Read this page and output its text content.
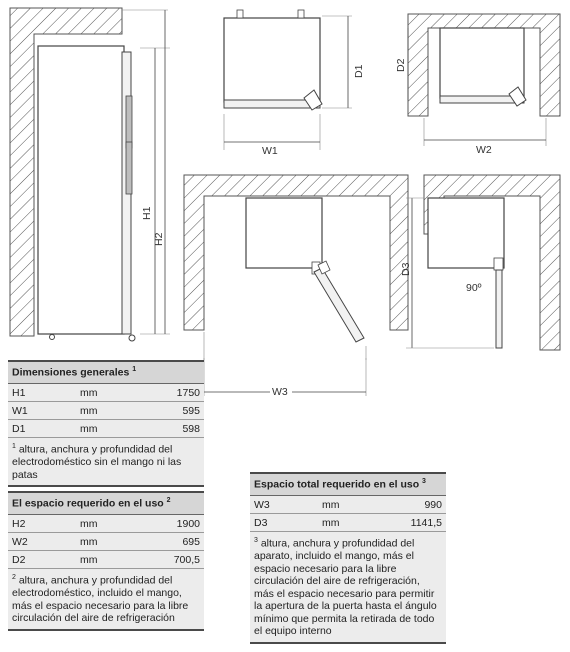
H1
H2
W1
D1	D2
W2
D3
90º
W3
Dimensiones generales $^1$
H1	mm	1750
W1	mm	595
D1	mm	598
$^1$ altura, anchura y profundidad del electrodoméstico sin el mango ni las patas		
El espacio requerido en el uso $^2$
H2	mm	1900
W2	mm	695
D2	mm	700,5
$^2$ altura, anchura y profundidad del electrodoméstico, incluido el mango, más el espacio necesario para la libre circulación del aire de refrigeración		
Espacio total requerido en el uso $^3$
W3	mm	990
D3	mm	1141,5
$^3$ altura, anchura y profundidad del aparato, incluido el mango, más el espacio necesario para la libre circulación del aire de refrigeración, más el espacio necesario para permitir la apertura de la puerta hasta el ángulo mínimo que permita la retirada de todo el equipo interno		
